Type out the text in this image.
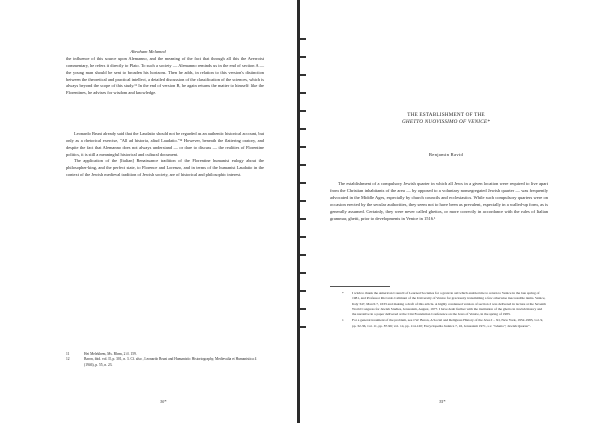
Abraham Melamed

the influence of this source upon Alemanno, and the meaning of the fact that through all this the Averroist commentary, he refers it directly to Plato. To such a society — Alemanno reminds us in the end of section A — the young man should be sent to broaden his horizons. Then he adds, in relation to this version's distinction between the theoretical and practical intellect, a detailed discussion of the classification of the sciences, which is always beyond the scope of this study.¹¹ In the end of version B, he again returns the matter to himself: like the Florentines, he advises for wisdom and knowledge.

Leonardo Bruni already said that the Laudatio should not be regarded as an authentic historical account, but only as a rhetorical exercise, "All ad historia, aliud Laudatio."¹² However, beneath the flattering oratory, and despite the fact that Alemanno does not always understand — or dare to discuss — the realities of Florentine politics, it is still a meaningful historical and cultural document.

The application of the [Italian] Renaissance tradition of the Florentine humanist eulogy about the philosopher-king, and the perfect state, to Florence and Lorenzo, and in terms of the humanist Laudatio in the context of the Jewish medieval tradition of Jewish society, are of historical and philosophic interest.

11	Hei Melekhem, Ms. Bhrm, 2 ff. 159.
12	Baron, ibid. vol. II, p. 301, n. 3. Cf. also , Leonardo Bruni and Humanistic Historiography, Medievalia et Humanistica 4 (1946), p. 55, n. 23.
30*
THE ESTABLISHMENT OF THE
GHETTO NUOVISSIMO OF VENICE*
Benjamin Ravid

The establishment of a compulsory Jewish quarter in which all Jews in a given location were required to live apart from the Christian inhabitants of the area — by opposed to a voluntary nonsegregated Jewish quarter — was frequently advocated in the Middle Ages, especially by church councils and ecclesiastics. While such compulsory quarters were on occasion erected by the secular authorities, they seem not to have been as prevalent, especially in a walled-up form, as is generally assumed. Certainly, they were never called ghettos, or more correctly in accordance with the rules of Italian grammar, ghetti, prior to developments in Venice in 1516.¹

*	I wish to thank the American Council of Learned Societies for a grant in aid which enabled me to return to Venice in the late spring of 1981, and Professor Riccardo Calimani of the University of Venice for graciously transmitting a few otherwise inaccessible items. Venice, Italy 347, March 7, 1633 and making a draft of this article. A highly condensed version of section 2 was delivered in lecture at the Seventh World Congress for Jewish Studies, Jerusalem, August, 1977. I have dealt further with the institution of the ghetto in Jewish history and the narrative in a paper delivered at the Cini Foundation Conference on the Jews of Venice, in the spring of 1983.
1	For a general treatment of the problem, see J.W. Baron, A Social and Religious History of the Jews I – XI, New York, 1952-1983, vol. 9, pp. 32-36, vol. 11, pp. 87-96; vol. 14, pp. 114-120; Encyclopedia Judaica 7, 16, Jerusalem 1971, s.v. "Ghetto"; Jewish Quarter".
35*
